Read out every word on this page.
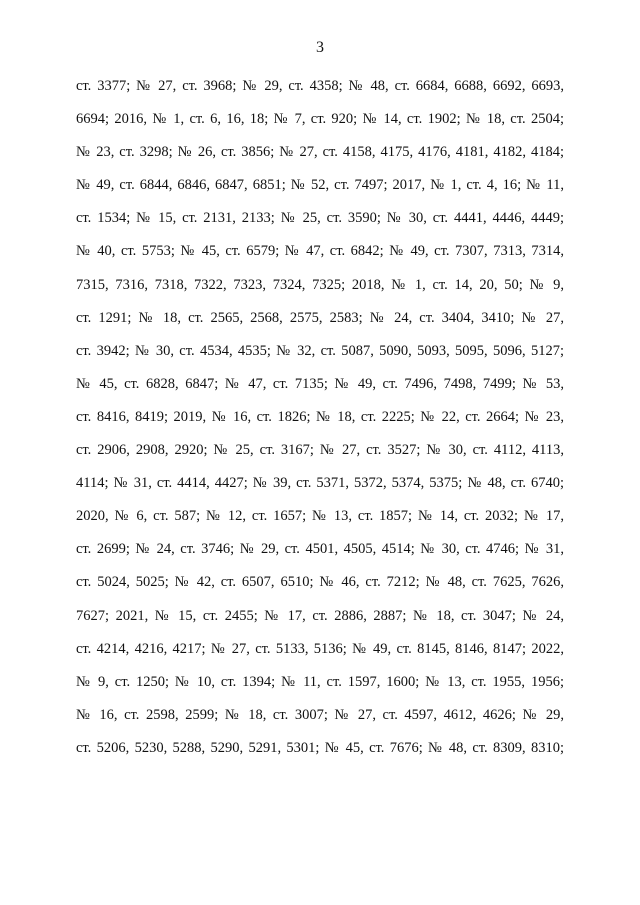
3
ст. 3377; № 27, ст. 3968; № 29, ст. 4358; № 48, ст. 6684, 6688, 6692, 6693,
6694; 2016, № 1, ст. 6, 16, 18; № 7, ст. 920; № 14, ст. 1902; № 18, ст. 2504;
№ 23, ст. 3298; № 26, ст. 3856; № 27, ст. 4158, 4175, 4176, 4181, 4182, 4184;
№ 49, ст. 6844, 6846, 6847, 6851; № 52, ст. 7497; 2017, № 1, ст. 4, 16; № 11,
ст. 1534; № 15, ст. 2131, 2133; № 25, ст. 3590; № 30, ст. 4441, 4446, 4449;
№ 40, ст. 5753; № 45, ст. 6579; № 47, ст. 6842; № 49, ст. 7307, 7313, 7314,
7315, 7316, 7318, 7322, 7323, 7324, 7325; 2018, № 1, ст. 14, 20, 50; № 9,
ст. 1291; № 18, ст. 2565, 2568, 2575, 2583; № 24, ст. 3404, 3410; № 27,
ст. 3942; № 30, ст. 4534, 4535; № 32, ст. 5087, 5090, 5093, 5095, 5096, 5127;
№ 45, ст. 6828, 6847; № 47, ст. 7135; № 49, ст. 7496, 7498, 7499; № 53,
ст. 8416, 8419; 2019, № 16, ст. 1826; № 18, ст. 2225; № 22, ст. 2664; № 23,
ст. 2906, 2908, 2920; № 25, ст. 3167; № 27, ст. 3527; № 30, ст. 4112, 4113,
4114; № 31, ст. 4414, 4427; № 39, ст. 5371, 5372, 5374, 5375; № 48, ст. 6740;
2020, № 6, ст. 587; № 12, ст. 1657; № 13, ст. 1857; № 14, ст. 2032; № 17,
ст. 2699; № 24, ст. 3746; № 29, ст. 4501, 4505, 4514; № 30, ст. 4746; № 31,
ст. 5024, 5025; № 42, ст. 6507, 6510; № 46, ст. 7212; № 48, ст. 7625, 7626,
7627; 2021, № 15, ст. 2455; № 17, ст. 2886, 2887; № 18, ст. 3047; № 24,
ст. 4214, 4216, 4217; № 27, ст. 5133, 5136; № 49, ст. 8145, 8146, 8147; 2022,
№ 9, ст. 1250; № 10, ст. 1394; № 11, ст. 1597, 1600; № 13, ст. 1955, 1956;
№ 16, ст. 2598, 2599; № 18, ст. 3007; № 27, ст. 4597, 4612, 4626; № 29,
ст. 5206, 5230, 5288, 5290, 5291, 5301; № 45, ст. 7676; № 48, ст. 8309, 8310;
